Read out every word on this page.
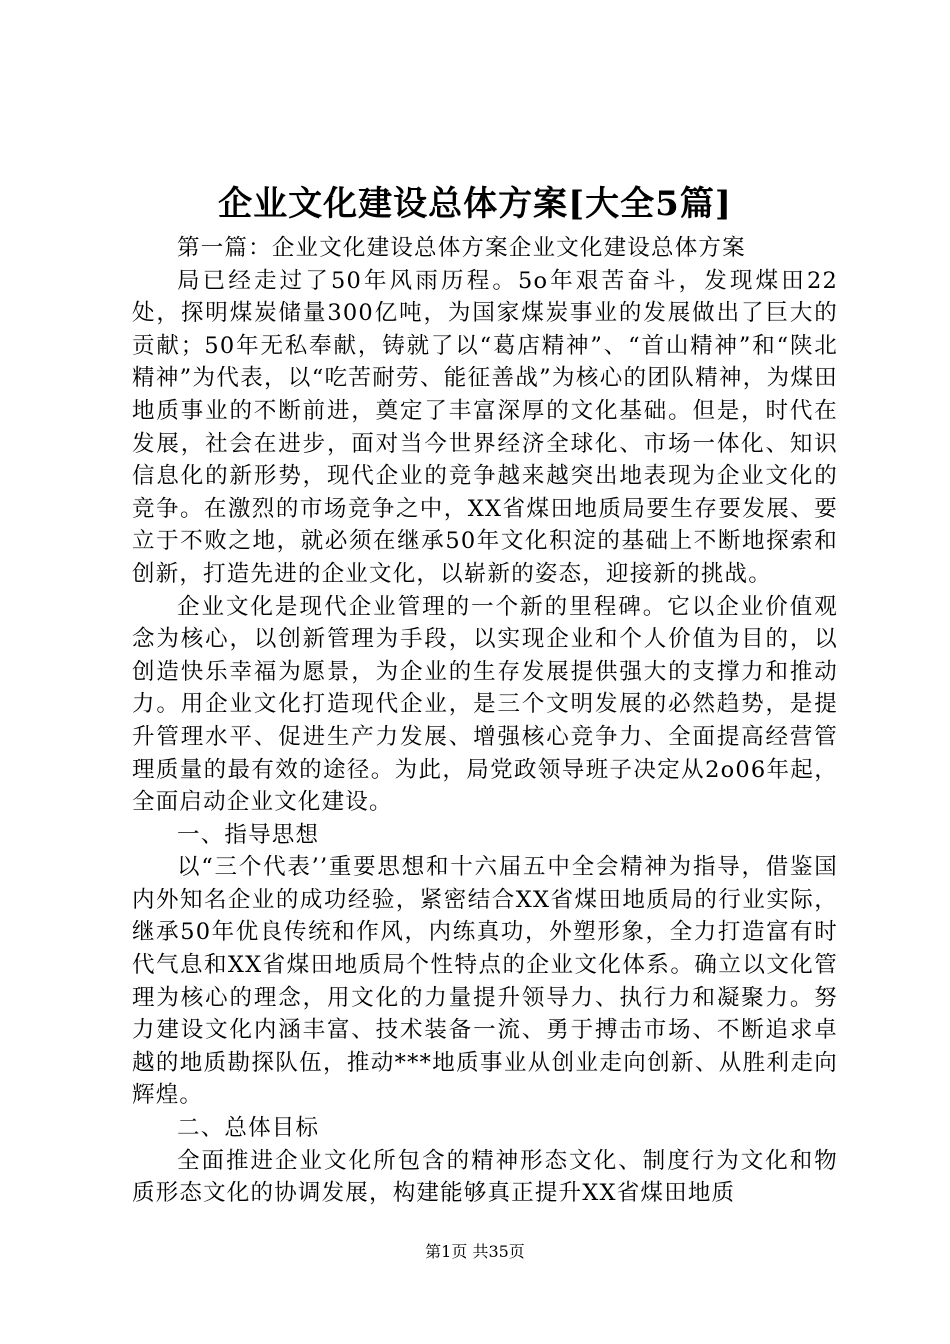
企业文化建设总体方案[大全5篇]

第一篇：企业文化建设总体方案企业文化建设总体方案

局已经走过了50年风雨历程。5o年艰苦奋斗，发现煤田22处，探明煤炭储量300亿吨，为国家煤炭事业的发展做出了巨大的贡献；50年无私奉献，铸就了以“葛店精神”、“首山精神”和“陕北精神”为代表，以“吃苦耐劳、能征善战”为核心的团队精神，为煤田地质事业的不断前进，奠定了丰富深厚的文化基础。但是，时代在发展，社会在进步，面对当今世界经济全球化、市场一体化、知识信息化的新形势，现代企业的竞争越来越突出地表现为企业文化的竞争。在激烈的市场竞争之中，XX省煤田地质局要生存要发展、要立于不败之地，就必须在继承50年文化积淀的基础上不断地探索和创新，打造先进的企业文化，以崭新的姿态，迎接新的挑战。

企业文化是现代企业管理的一个新的里程碑。它以企业价值观念为核心，以创新管理为手段，以实现企业和个人价值为目的，以创造快乐幸福为愿景，为企业的生存发展提供强大的支撑力和推动力。用企业文化打造现代企业，是三个文明发展的必然趋势，是提升管理水平、促进生产力发展、增强核心竞争力、全面提高经营管理质量的最有效的途径。为此，局党政领导班子决定从2o06年起，全面启动企业文化建设。

一、指导思想

以“三个代表’’重要思想和十六届五中全会精神为指导，借鉴国内外知名企业的成功经验，紧密结合XX省煤田地质局的行业实际，继承50年优良传统和作风，内练真功，外塑形象，全力打造富有时代气息和XX省煤田地质局个性特点的企业文化体系。确立以文化管理为核心的理念，用文化的力量提升领导力、执行力和凝聚力。努力建设文化内涵丰富、技术装备一流、勇于搏击市场、不断追求卓越的地质勘探队伍，推动***地质事业从创业走向创新、从胜利走向辉煌。

二、总体目标

全面推进企业文化所包含的精神形态文化、制度行为文化和物质形态文化的协调发展，构建能够真正提升XX省煤田地质

第1页 共35页
